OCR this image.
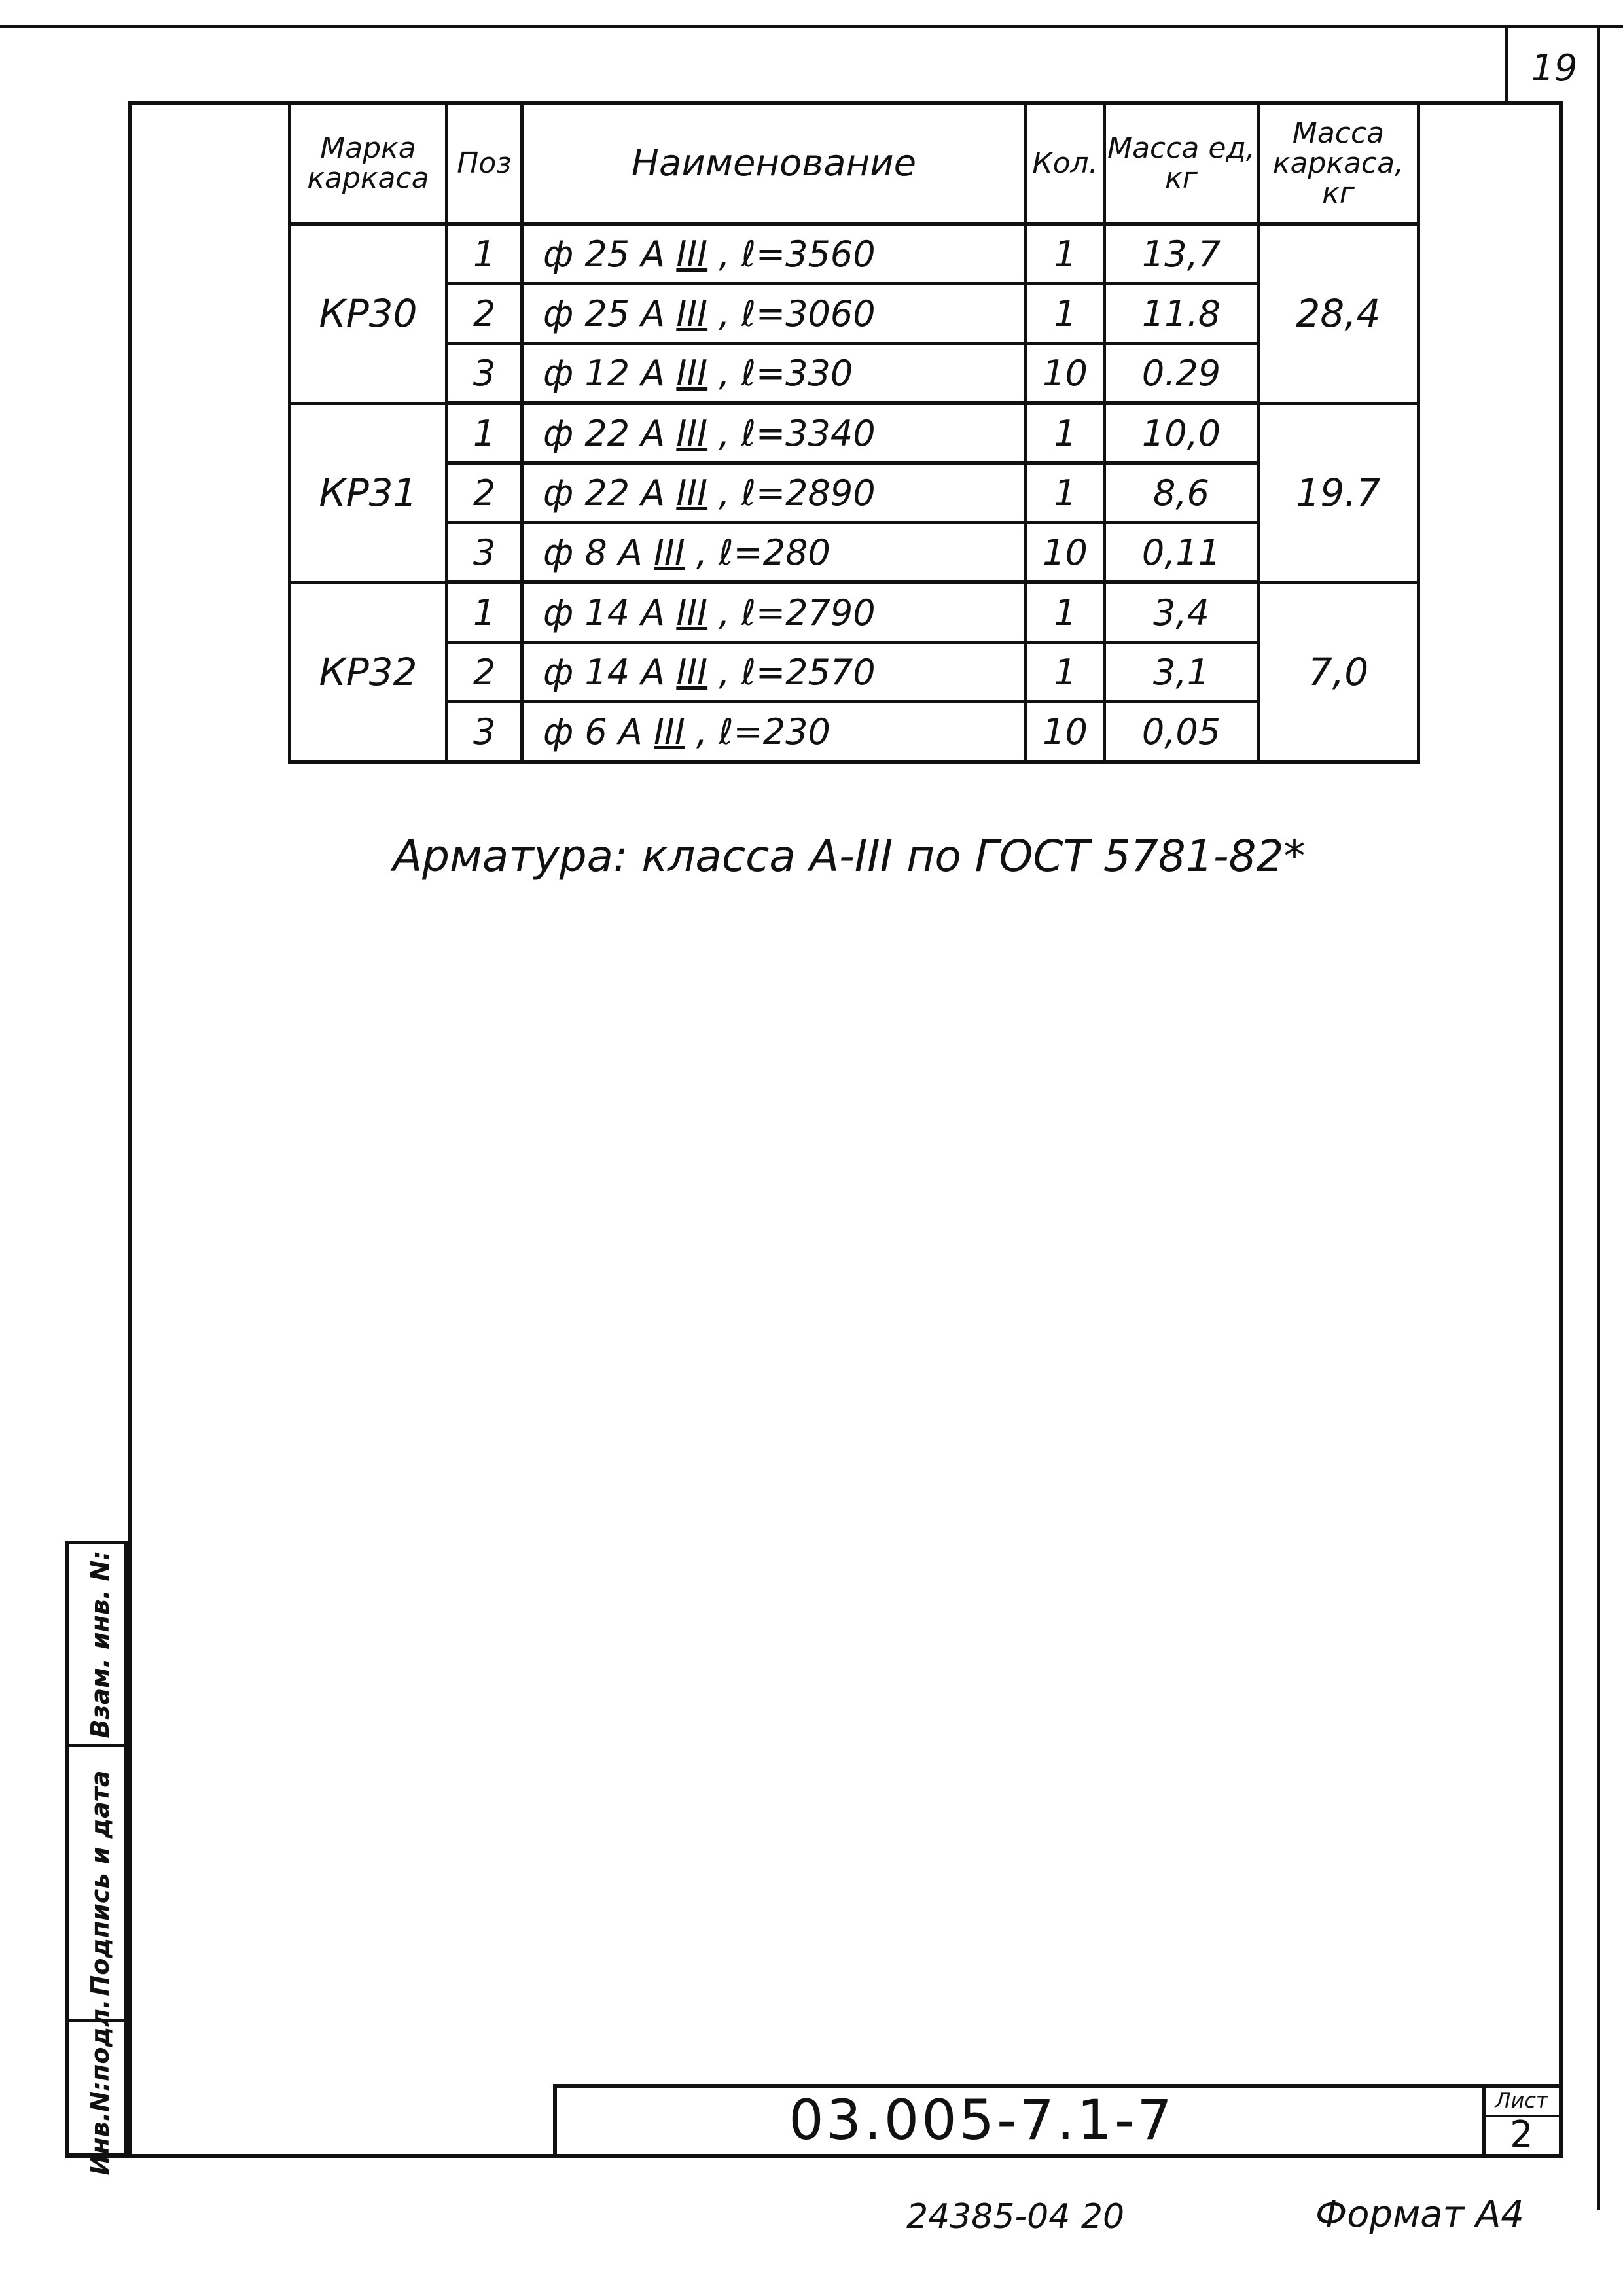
19
Марка каркаса	Поз	Наименование	Кол.	Масса ед, кг	Масса каркаса, кг
КР30	1	ф 25 А III , ℓ=3560	1	13,7	28,4
	2	ф 25 А III , ℓ=3060	1	11.8	
	3	ф 12 А III , ℓ=330	10	0.29	
КР31	1	ф 22 А III , ℓ=3340	1	10,0	19.7
	2	ф 22 А III , ℓ=2890	1	8,6	
	3	ф 8 А III , ℓ=280	10	0,11	
КР32	1	ф 14 А III , ℓ=2790	1	3,4	7,0
	2	ф 14 А III , ℓ=2570	1	3,1	
	3	ф 6 А III , ℓ=230	10	0,05	
Арматура: класса А-III по ГОСТ 5781-82*
Взам. инв. N:
Подпись и дата
Инв.N:подл.	03.005-7.1-7	Лист
2
24385-04 20	Формат А4
